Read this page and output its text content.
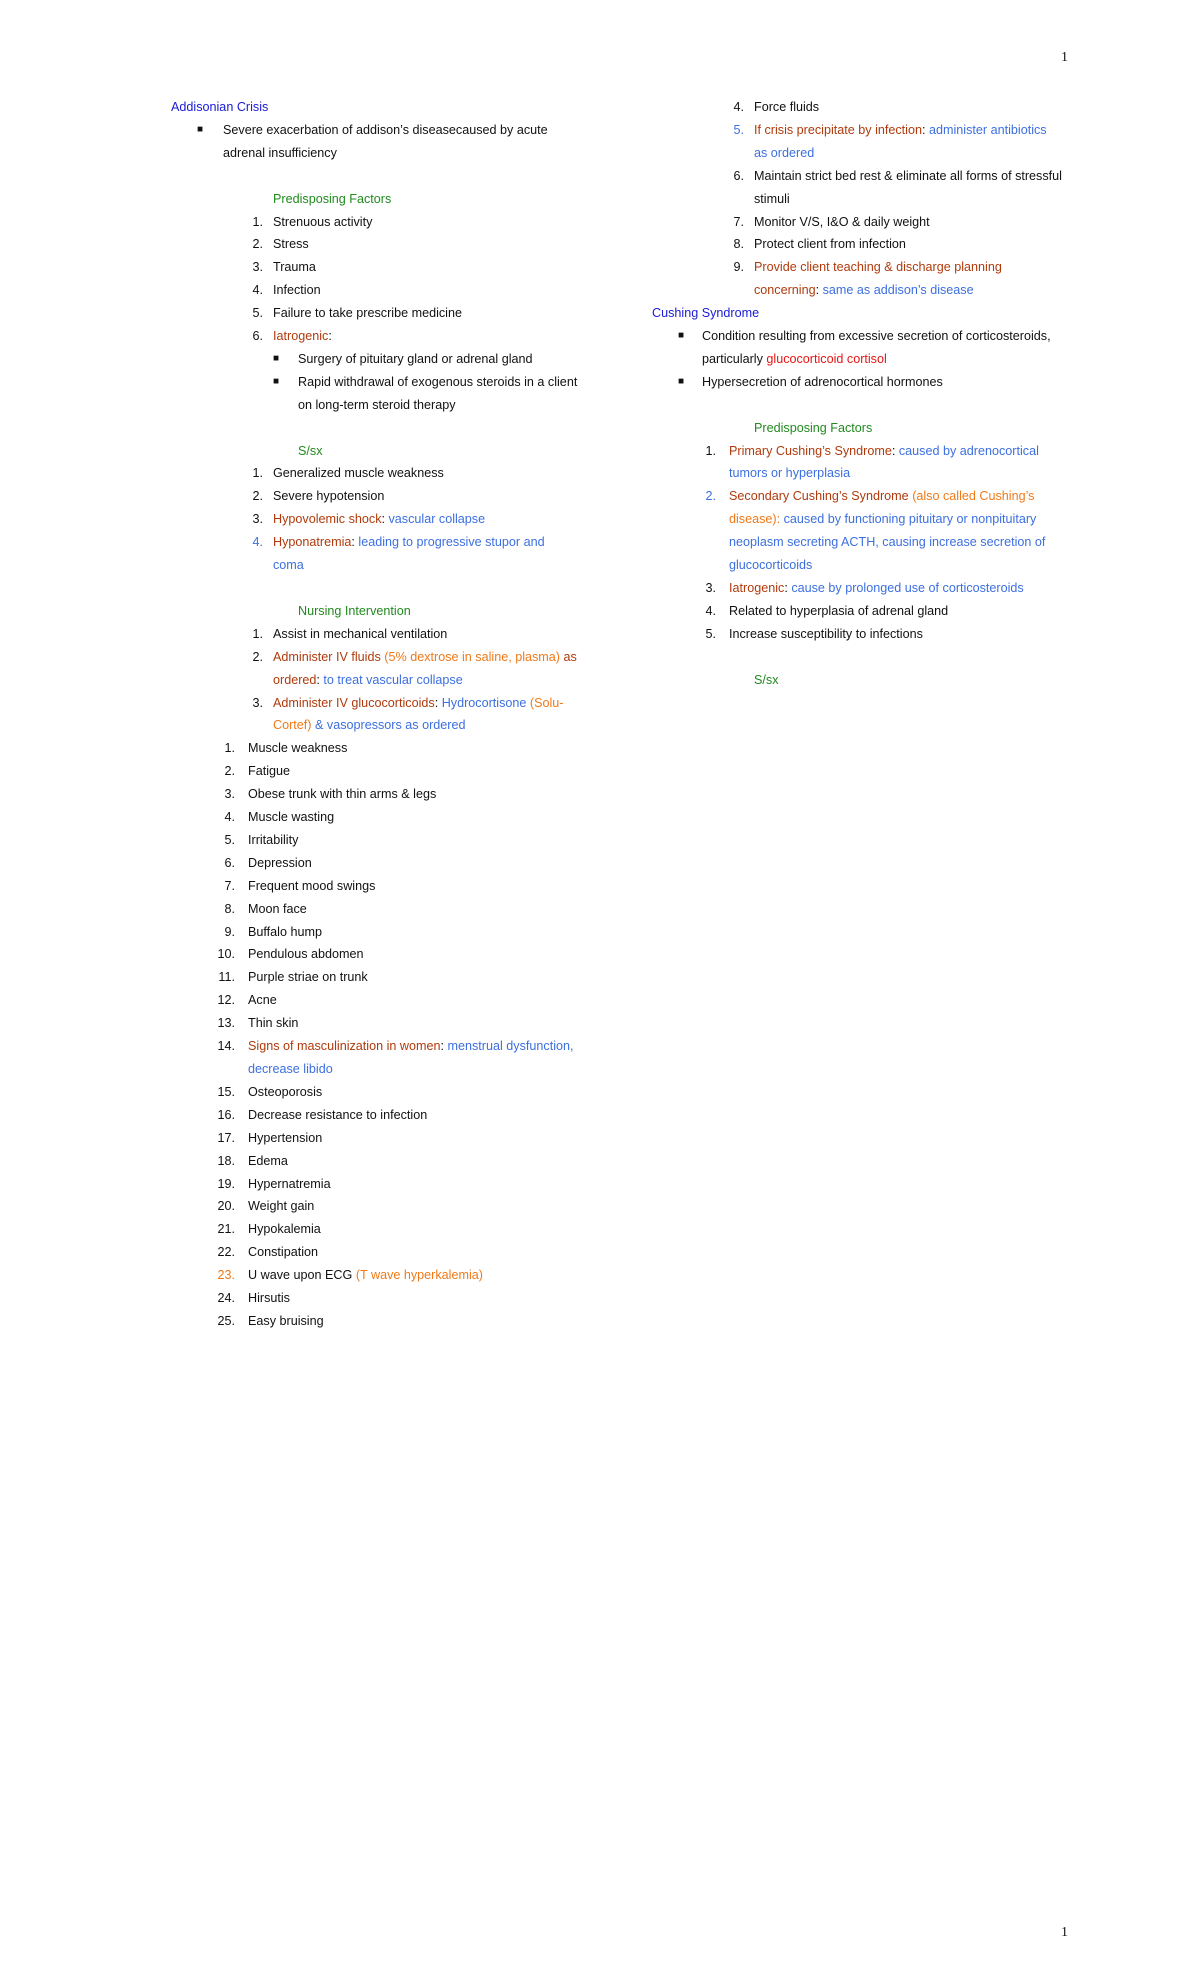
1
Addisonian Crisis
■ Severe exacerbation of addison’s diseasecaused by acute
adrenal insufficiency
Predisposing Factors
1. Strenuous activity
2. Stress
3. Trauma
4. Infection
5. Failure to take prescribe medicine
6. Iatrogenic:
■ Surgery of pituitary gland or adrenal gland
■ Rapid withdrawal of exogenous steroids in a client
on long-term steroid therapy
S/sx
1. Generalized muscle weakness
2. Severe hypotension
3. Hypovolemic shock: vascular collapse
4. Hyponatremia: leading to progressive stupor and
coma
Nursing Intervention
1. Assist in mechanical ventilation
2. Administer IV fluids (5% dextrose in saline, plasma) as
ordered: to treat vascular collapse
3. Administer IV glucocorticoids: Hydrocortisone (Solu-
Cortef) & vasopressors as ordered
1. Muscle weakness
2. Fatigue
3. Obese trunk with thin arms & legs
4. Muscle wasting
5. Irritability
6. Depression
7. Frequent mood swings
8. Moon face
9. Buffalo hump
10. Pendulous abdomen
11. Purple striae on trunk
12. Acne
13. Thin skin
14. Signs of masculinization in women: menstrual dysfunction,
decrease libido
15. Osteoporosis
16. Decrease resistance to infection
17. Hypertension
18. Edema
19. Hypernatremia
20. Weight gain
21. Hypokalemia
22. Constipation
23. U wave upon ECG (T wave hyperkalemia)
24. Hirsutis
25. Easy bruising
4. Force fluids
5. If crisis precipitate by infection: administer antibiotics
as ordered
6. Maintain strict bed rest & eliminate all forms of stressful
stimuli
7. Monitor V/S, I&O & daily weight
8. Protect client from infection
9. Provide client teaching & discharge planning
concerning: same as addison’s disease
Cushing Syndrome
■ Condition resulting from excessive secretion of corticosteroids,
particularly glucocorticoid cortisol
■ Hypersecretion of adrenocortical hormones
Predisposing Factors
1. Primary Cushing’s Syndrome: caused by adrenocortical
tumors or hyperplasia
2. Secondary Cushing’s Syndrome (also called Cushing’s
disease): caused by functioning pituitary or nonpituitary
neoplasm secreting ACTH, causing increase secretion of
glucocorticoids
3. Iatrogenic: cause by prolonged use of corticosteroids
4. Related to hyperplasia of adrenal gland
5. Increase susceptibility to infections
S/sx
1
